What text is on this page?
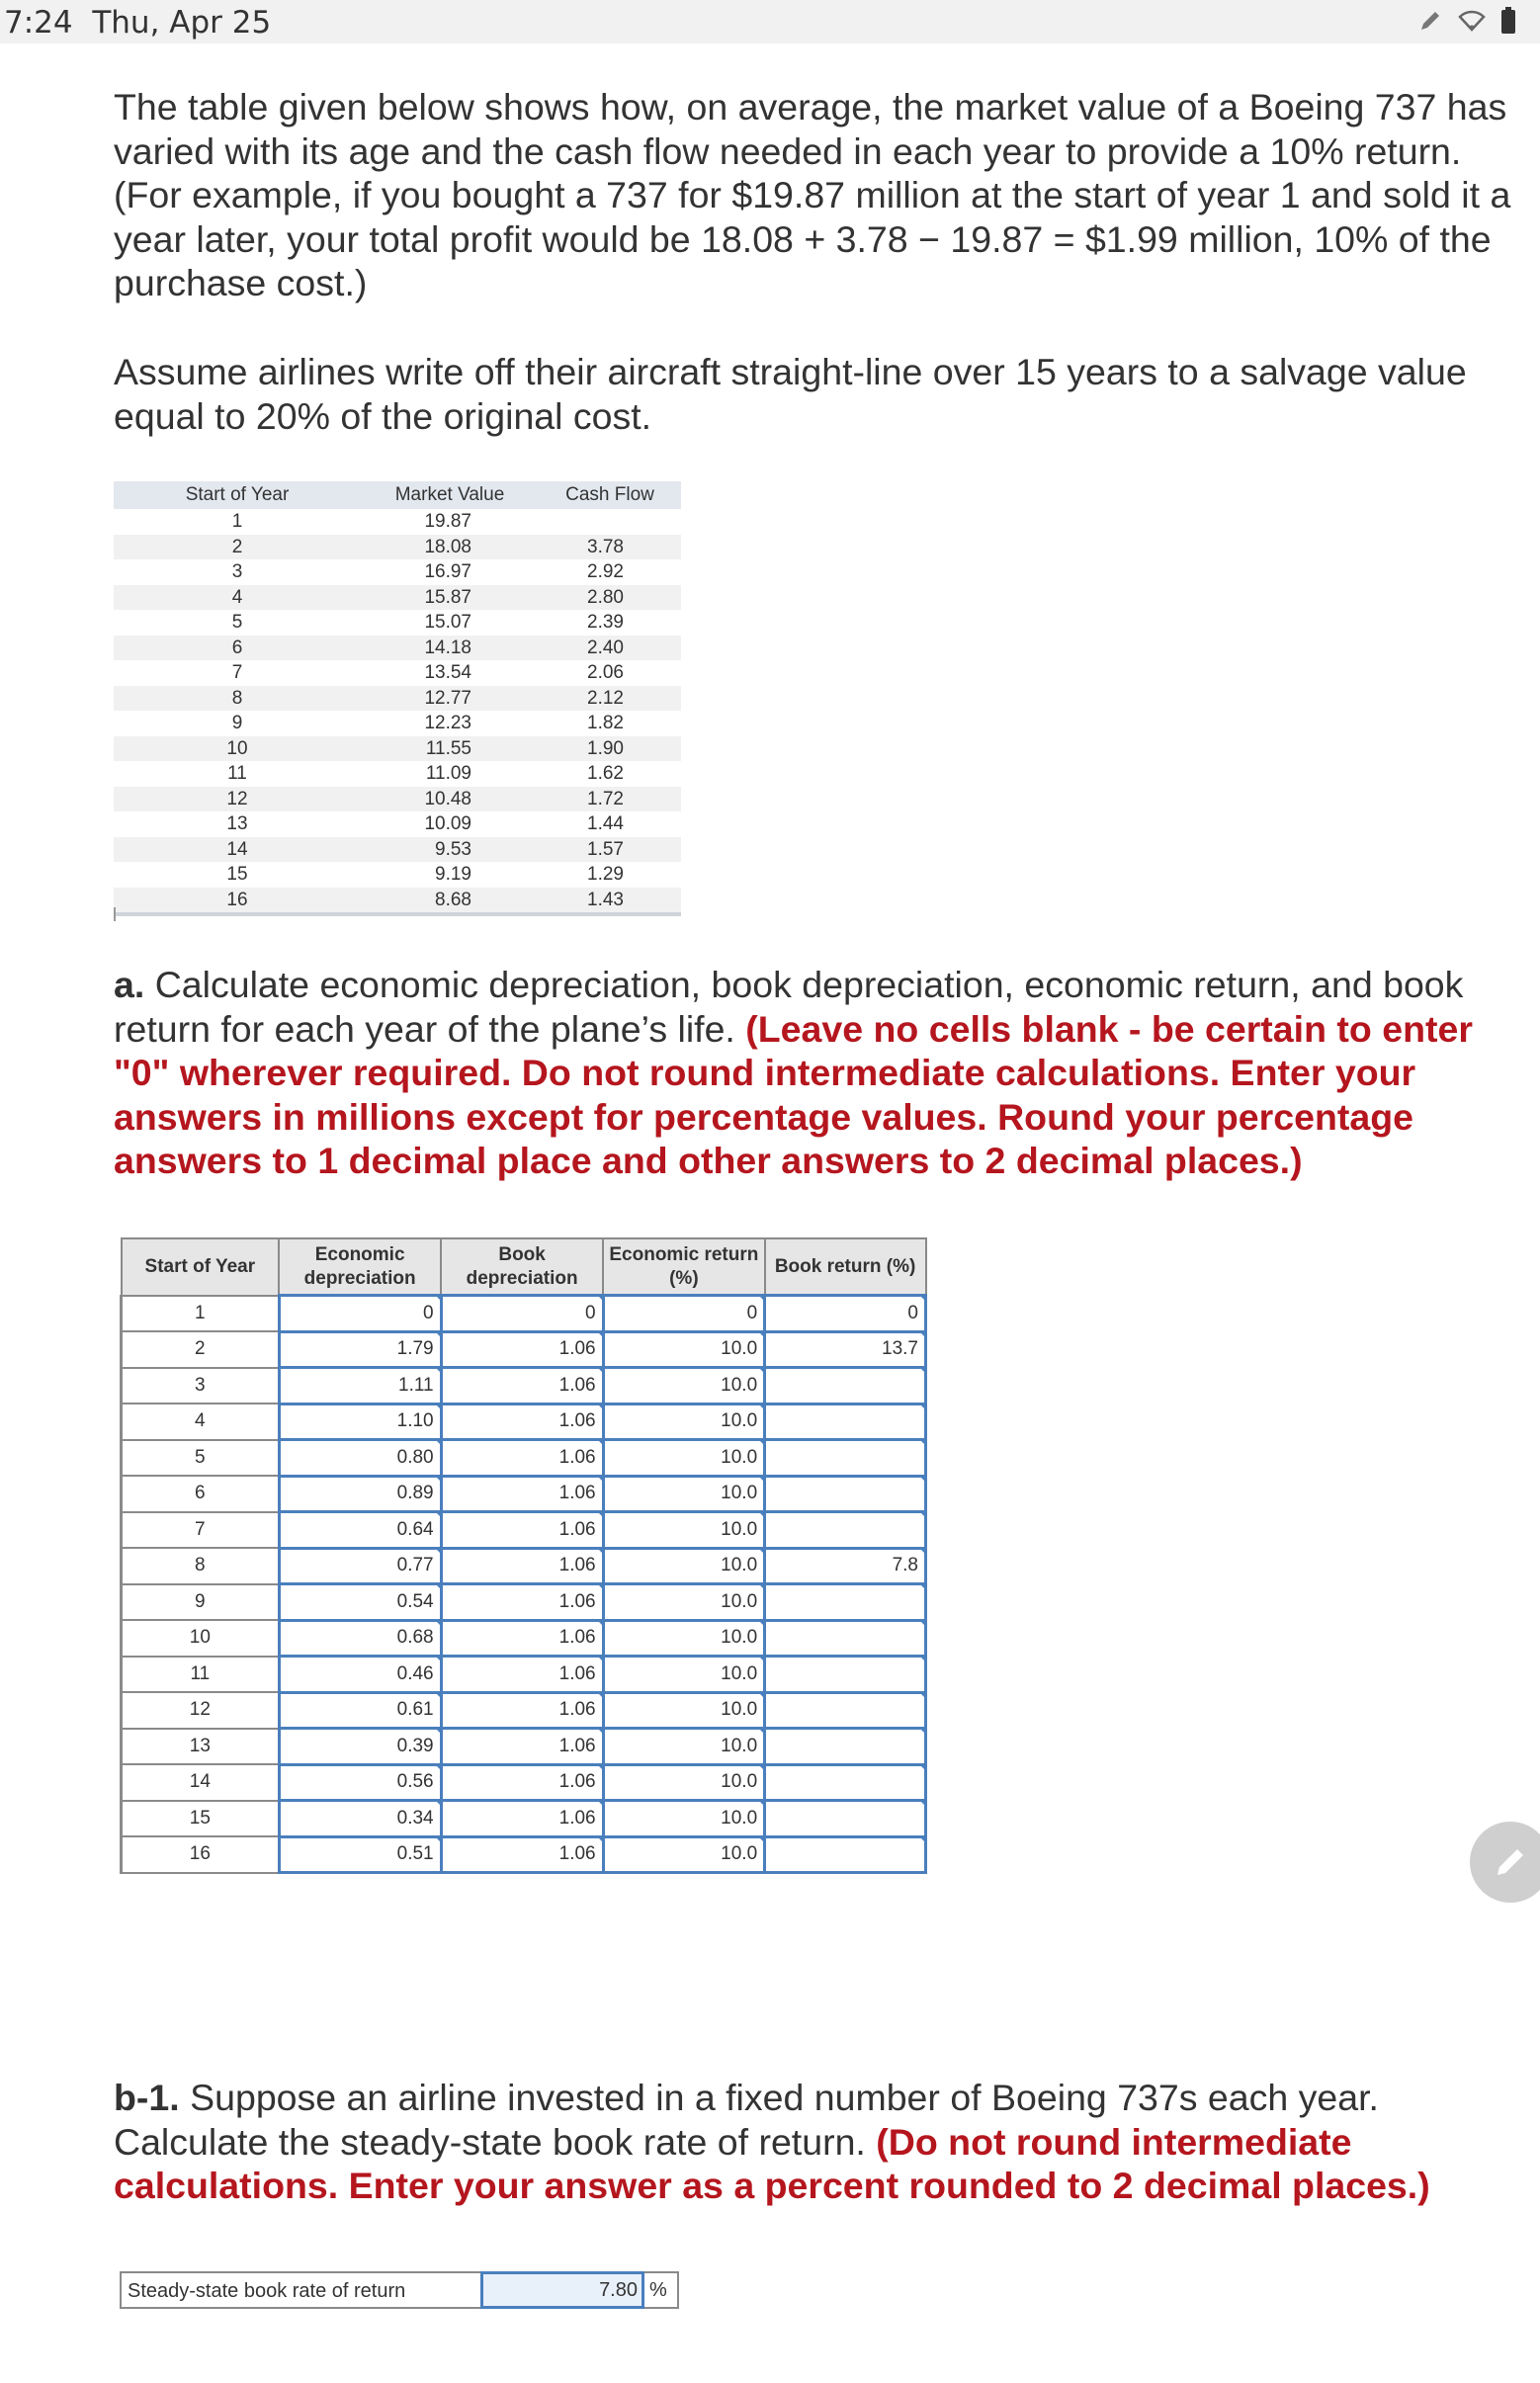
7:24 Thu, Apr 25
The table given below shows how, on average, the market value of a Boeing 737 has varied with its age and the cash flow needed in each year to provide a 10% return. (For example, if you bought a 737 for $19.87 million at the start of year 1 and sold it a year later, your total profit would be 18.08 + 3.78 − 19.87 = $1.99 million, 10% of the purchase cost.)
Assume airlines write off their aircraft straight-line over 15 years to a salvage value equal to 20% of the original cost.
Start of Year	Market Value	Cash Flow
1	19.87	
2	18.08	3.78
3	16.97	2.92
4	15.87	2.80
5	15.07	2.39
6	14.18	2.40
7	13.54	2.06
8	12.77	2.12
9	12.23	1.82
10	11.55	1.90
11	11.09	1.62
12	10.48	1.72
13	10.09	1.44
14	9.53	1.57
15	9.19	1.29
16	8.68	1.43
a. Calculate economic depreciation, book depreciation, economic return, and book return for each year of the plane’s life. (Leave no cells blank - be certain to enter "0" wherever required. Do not round intermediate calculations. Enter your answers in millions except for percentage values. Round your percentage answers to 1 decimal place and other answers to 2 decimal places.)
Start of Year	Economic depreciation	Book depreciation	Economic return (%)	Book return (%)
1	0	0	0	0
2	1.79	1.06	10.0	13.7
3	1.11	1.06	10.0	
4	1.10	1.06	10.0	
5	0.80	1.06	10.0	
6	0.89	1.06	10.0	
7	0.64	1.06	10.0	
8	0.77	1.06	10.0	7.8
9	0.54	1.06	10.0	
10	0.68	1.06	10.0	
11	0.46	1.06	10.0	
12	0.61	1.06	10.0	
13	0.39	1.06	10.0	
14	0.56	1.06	10.0	
15	0.34	1.06	10.0	
16	0.51	1.06	10.0	
b-1. Suppose an airline invested in a fixed number of Boeing 737s each year. Calculate the steady-state book rate of return. (Do not round intermediate calculations. Enter your answer as a percent rounded to 2 decimal places.)
Steady-state book rate of return	7.80 %
